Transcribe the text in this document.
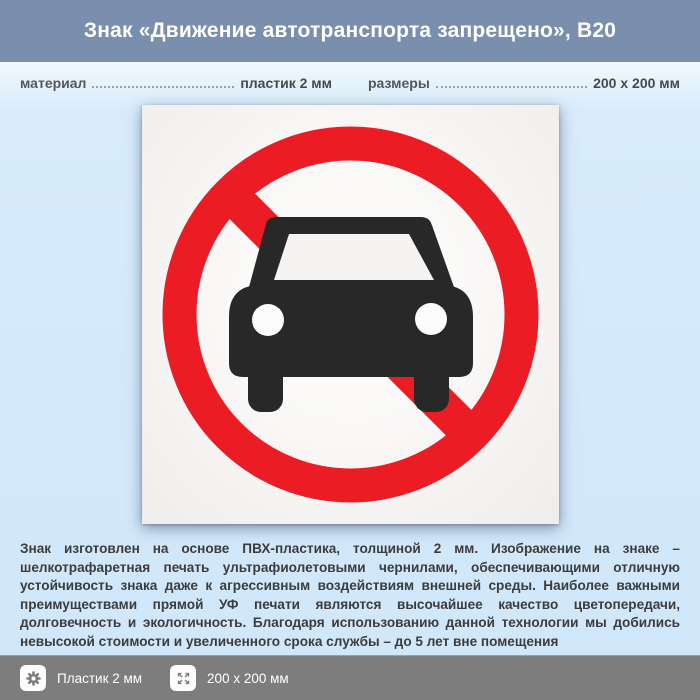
Знак «Движение автотранспорта запрещено», В20
материал	пластик 2 мм	размеры	200 x 200 мм

Знак изготовлен на основе ПВХ-пластика, толщиной 2 мм. Изображение на знаке – шелкотрафаретная печать ультрафиолетовыми чернилами, обеспечивающими отличную устойчивость знака даже к агрессивным воздействиям внешней среды. Наиболее важными преимуществами прямой УФ печати являются высочайшее качество цветопередачи, долговечность и экологичность. Благодаря использованию данной технологии мы добились невысокой стоимости и увеличенного срока службы – до 5 лет вне помещения

Пластик 2 мм	200 x 200 мм
